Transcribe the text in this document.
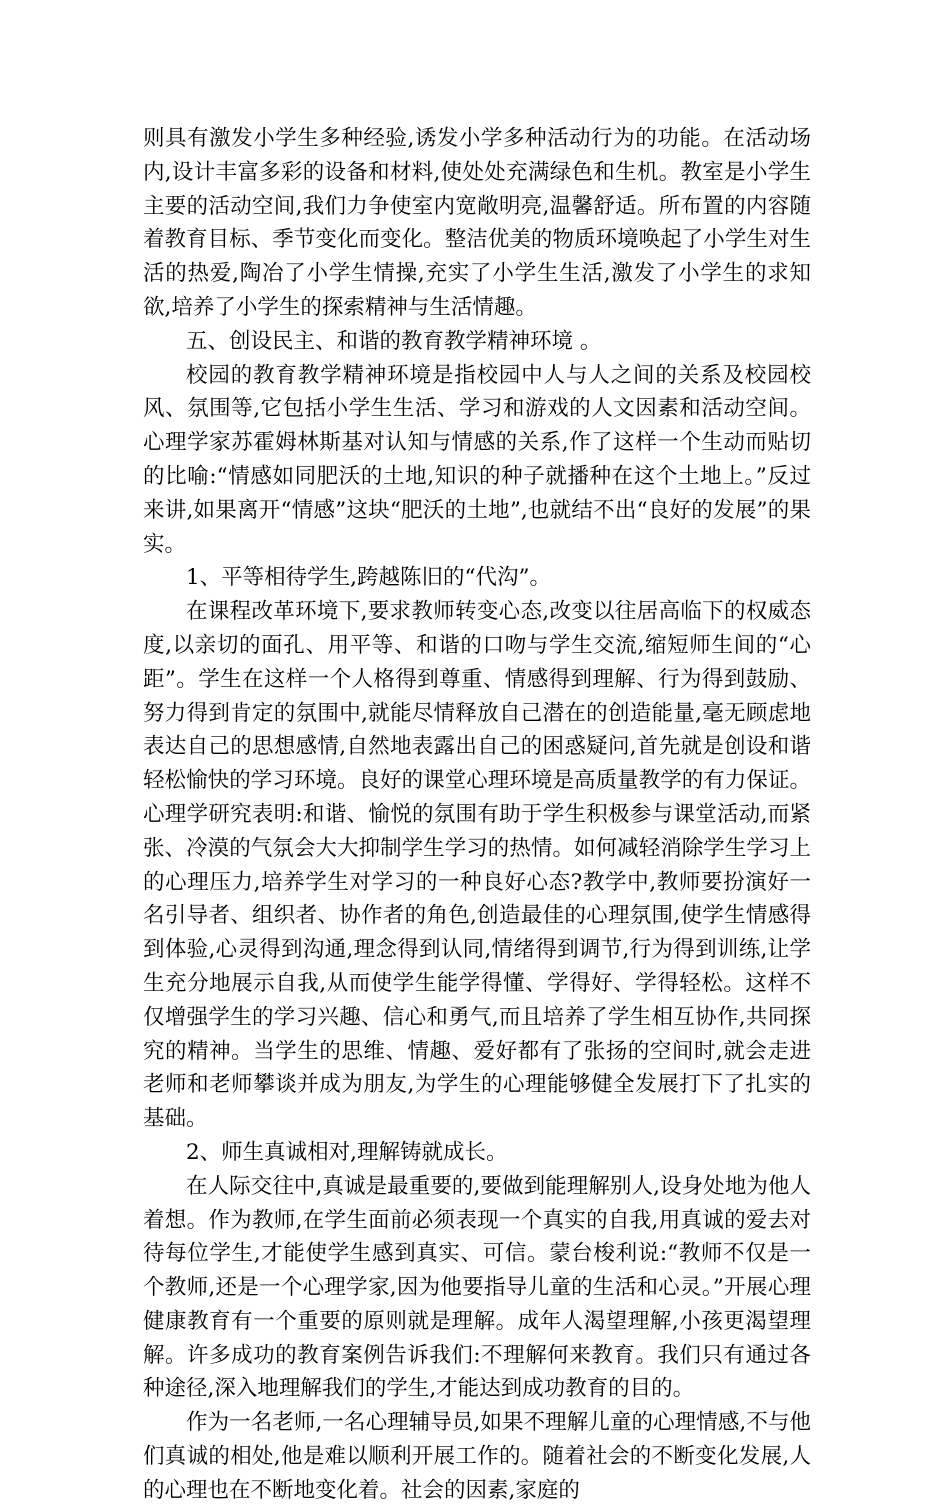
则具有激发小学生多种经验,诱发小学多种活动行为的功能。在活动场内,设计丰富多彩的设备和材料,使处处充满绿色和生机。教室是小学生主要的活动空间,我们力争使室内宽敞明亮,温馨舒适。所布置的内容随着教育目标、季节变化而变化。整洁优美的物质环境唤起了小学生对生活的热爱,陶冶了小学生情操,充实了小学生生活,激发了小学生的求知欲,培养了小学生的探索精神与生活情趣。

五、创设民主、和谐的教育教学精神环境 。

校园的教育教学精神环境是指校园中人与人之间的关系及校园校风、氛围等,它包括小学生生活、学习和游戏的人文因素和活动空间。心理学家苏霍姆林斯基对认知与情感的关系,作了这样一个生动而贴切的比喻:“情感如同肥沃的土地,知识的种子就播种在这个土地上。”反过来讲,如果离开“情感”这块“肥沃的土地”,也就结不出“良好的发展”的果实。

1、平等相待学生,跨越陈旧的“代沟”。

在课程改革环境下,要求教师转变心态,改变以往居高临下的权威态度,以亲切的面孔、用平等、和谐的口吻与学生交流,缩短师生间的“心距”。学生在这样一个人格得到尊重、情感得到理解、行为得到鼓励、努力得到肯定的氛围中,就能尽情释放自己潜在的创造能量,毫无顾虑地表达自己的思想感情,自然地表露出自己的困惑疑问,首先就是创设和谐轻松愉快的学习环境。良好的课堂心理环境是高质量教学的有力保证。心理学研究表明:和谐、愉悦的氛围有助于学生积极参与课堂活动,而紧张、冷漠的气氛会大大抑制学生学习的热情。如何减轻消除学生学习上的心理压力,培养学生对学习的一种良好心态?教学中,教师要扮演好一名引导者、组织者、协作者的角色,创造最佳的心理氛围,使学生情感得到体验,心灵得到沟通,理念得到认同,情绪得到调节,行为得到训练,让学生充分地展示自我,从而使学生能学得懂、学得好、学得轻松。这样不仅增强学生的学习兴趣、信心和勇气,而且培养了学生相互协作,共同探究的精神。当学生的思维、情趣、爱好都有了张扬的空间时,就会走进老师和老师攀谈并成为朋友,为学生的心理能够健全发展打下了扎实的基础。

2、师生真诚相对,理解铸就成长。

在人际交往中,真诚是最重要的,要做到能理解别人,设身处地为他人着想。作为教师,在学生面前必须表现一个真实的自我,用真诚的爱去对待每位学生,才能使学生感到真实、可信。蒙台梭利说:“教师不仅是一个教师,还是一个心理学家,因为他要指导儿童的生活和心灵。”开展心理健康教育有一个重要的原则就是理解。成年人渴望理解,小孩更渴望理解。许多成功的教育案例告诉我们:不理解何来教育。我们只有通过各种途径,深入地理解我们的学生,才能达到成功教育的目的。

作为一名老师,一名心理辅导员,如果不理解儿童的心理情感,不与他们真诚的相处,他是难以顺利开展工作的。随着社会的不断变化发展,人的心理也在不断地变化着。社会的因素,家庭的
